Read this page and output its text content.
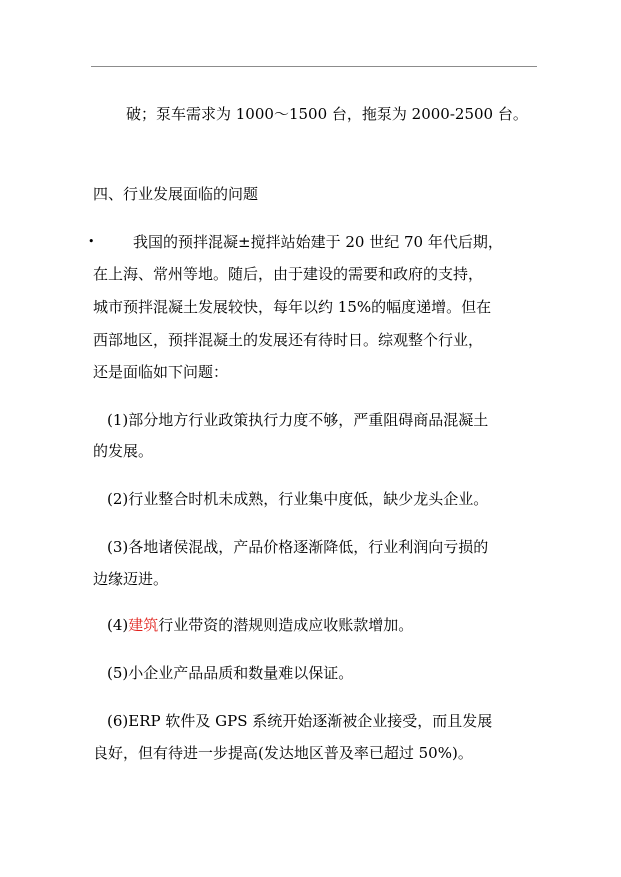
破；泵车需求为 1000～1500 台，拖泵为 2000-2500 台。
四、行业发展面临的问题
•	我国的预拌混凝±搅拌站始建于 20 世纪 70 年代后期，
在上海、常州等地。随后，由于建设的需要和政府的支持，
城市预拌混凝土发展较快，每年以约 15%的幅度递增。但在
西部地区，预拌混凝土的发展还有待时日。综观整个行业，
还是面临如下问题：
(1)部分地方行业政策执行力度不够，严重阻碍商品混凝土
的发展。
(2)行业整合时机未成熟，行业集中度低，缺少龙头企业。
(3)各地诸侯混战，产品价格逐渐降低，行业利润向亏损的
边缘迈进。
(4)建筑行业带资的潜规则造成应收账款增加。
(5)小企业产品品质和数量难以保证。
(6)ERP 软件及 GPS 系统开始逐渐被企业接受，而且发展
良好，但有待进一步提高(发达地区普及率已超过 50%)。
